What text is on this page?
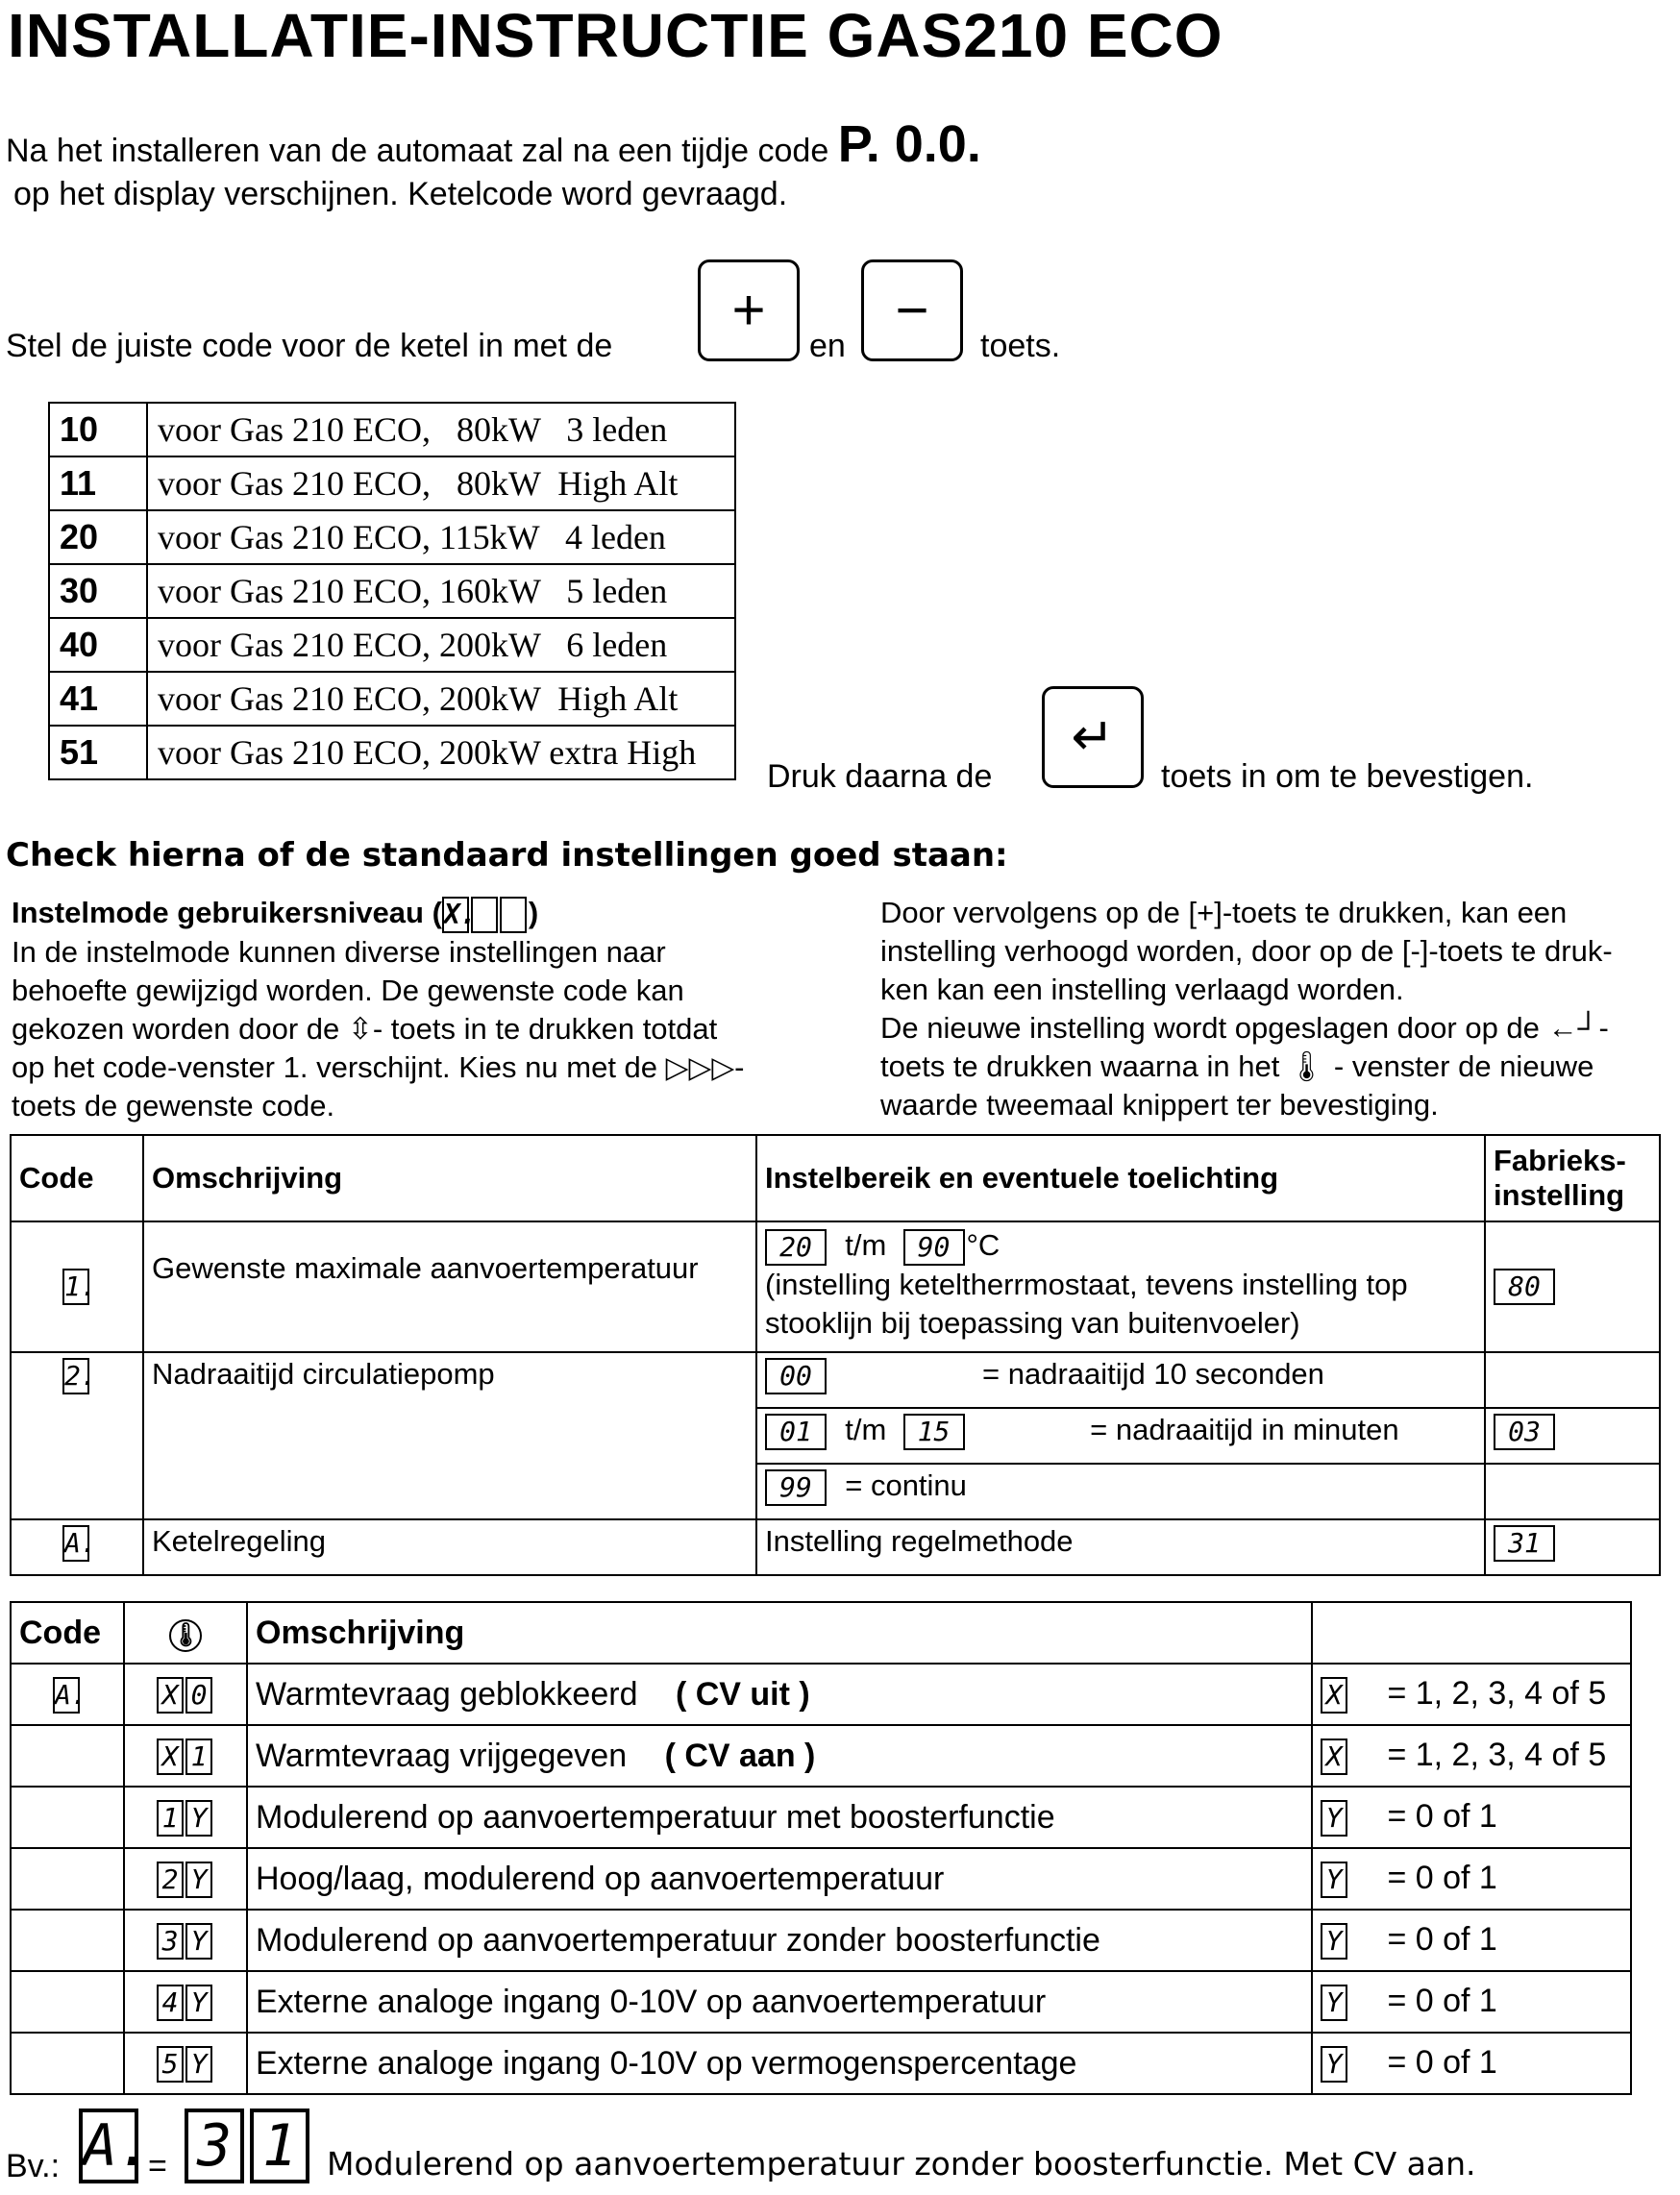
INSTALLATIE-INSTRUCTIE GAS210 ECO
Na het installeren van de automaat zal na een tijdje code P. 0.0.
op het display verschijnen. Ketelcode word gevraagd.
Stel de juiste code voor de ketel in met de
+
en
−
toets.
10	voor Gas 210 ECO,   80kW   3 leden
11	voor Gas 210 ECO,   80kW  High Alt
20	voor Gas 210 ECO, 115kW   4 leden
30	voor Gas 210 ECO, 160kW   5 leden
40	voor Gas 210 ECO, 200kW   6 leden
41	voor Gas 210 ECO, 200kW  High Alt
51	voor Gas 210 ECO, 200kW extra High
Druk daarna de
↵
toets in om te bevestigen.
Check hierna of de standaard instellingen goed staan:
Instelmode gebruikersniveau (X. )
In de instelmode kunnen diverse instellingen naar
behoefte gewijzigd worden. De gewenste code kan
gekozen worden door de ⇳- toets in te drukken totdat
op het code-venster 1. verschijnt. Kies nu met de ▷▷▷-
toets de gewenste code.
Door vervolgens op de [+]-toets te drukken, kan een
instelling verhoogd worden, door op de [-]-toets te druk-
ken kan een instelling verlaagd worden.
De nieuwe instelling wordt opgeslagen door op de ←┘-
toets te drukken waarna in het 🌡︎ - venster de nieuwe
waarde tweemaal knippert ter bevestiging.
Code	Omschrijving	Instelbereik en eventuele toelichting	Fabrieks-instelling
1.	Gewenste maximale aanvoertemperatuur	20 t/m 90 °C
(instelling keteltherrmostaat, tevens instelling top stooklijn bij toepassing van buitenvoeler)	80
2.	Nadraaitijd circulatiepomp	00 = nadraaitijd 10 seconden	
		01 t/m 15 = nadraaitijd in minuten	03
		99 = continu	
A.	Ketelregeling	Instelling regelmethode	31
Code	🌡︎	Omschrijving	
A.	X 0	Warmtevraag geblokkeerd ( CV uit )	X = 1, 2, 3, 4 of 5
	X 1	Warmtevraag vrijgegeven ( CV aan )	X = 1, 2, 3, 4 of 5
	1 Y	Modulerend op aanvoertemperatuur met boosterfunctie	Y = 0 of 1
	2 Y	Hoog/laag, modulerend op aanvoertemperatuur	Y = 0 of 1
	3 Y	Modulerend op aanvoertemperatuur zonder boosterfunctie	Y = 0 of 1
	4 Y	Externe analoge ingang 0-10V op aanvoertemperatuur	Y = 0 of 1
	5 Y	Externe analoge ingang 0-10V op vermogenspercentage	Y = 0 of 1
Bv.: A.
= 3 1 Modulerend op aanvoertemperatuur zonder boosterfunctie. Met CV aan.
